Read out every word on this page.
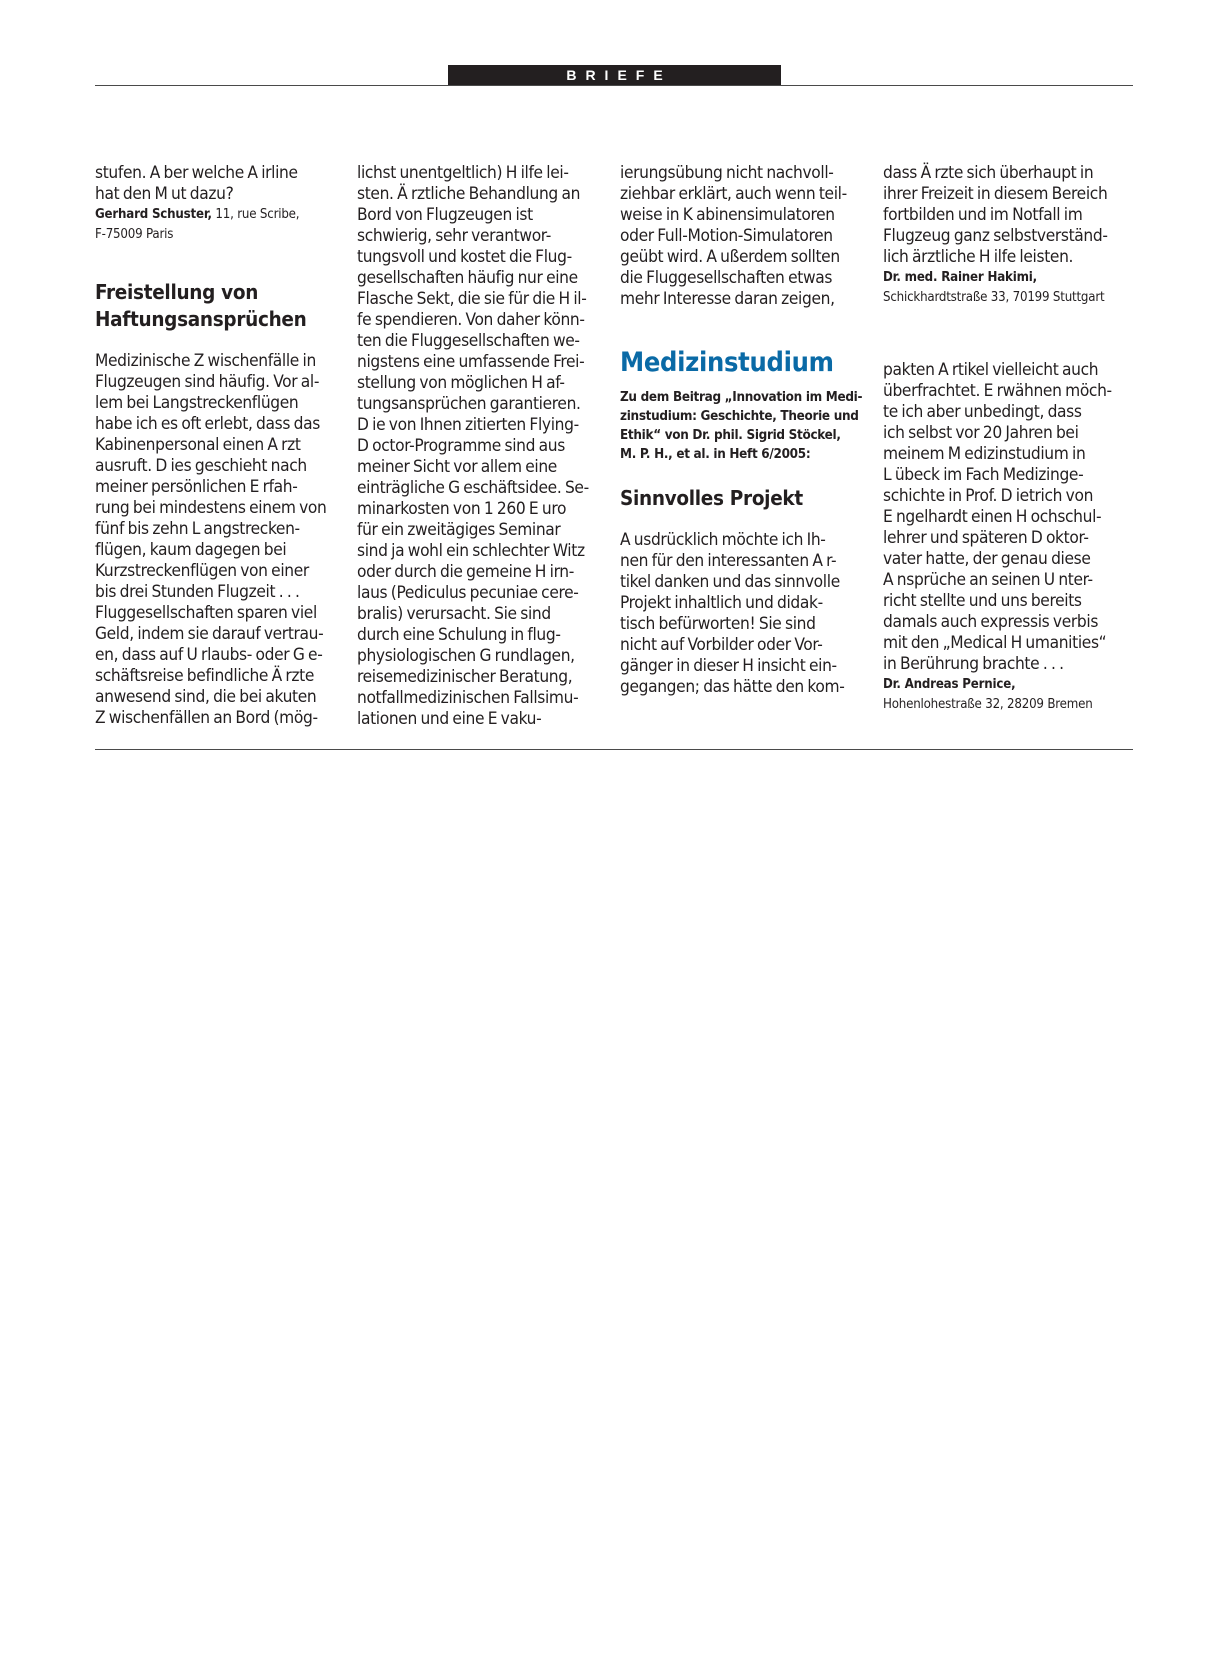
BRIEFE
stufen. A ber welche A irline
hat den M ut dazu?
Gerhard Schuster, 11, rue Scribe,
F-75009 Paris
Freistellung von
Haftungsansprüchen
Medizinische Z wischenfälle in
Flugzeugen sind häufig. Vor al-
lem bei Langstreckenflügen
habe ich es oft erlebt, dass das
Kabinenpersonal einen A rzt
ausruft. D ies geschieht nach
meiner persönlichen E rfah-
rung bei mindestens einem von
fünf bis zehn L angstrecken-
flügen, kaum dagegen bei
Kurzstreckenflügen von einer
bis drei Stunden Flugzeit . . .
Fluggesellschaften sparen viel
Geld, indem sie darauf vertrau-
en, dass auf U rlaubs- oder G e-
schäftsreise befindliche Ä rzte
anwesend sind, die bei akuten
Z wischenfällen an Bord (mög-
lichst unentgeltlich) H ilfe lei-
sten. Ä rztliche Behandlung an
Bord von Flugzeugen ist
schwierig, sehr verantwor-
tungsvoll und kostet die Flug-
gesellschaften häufig nur eine
Flasche Sekt, die sie für die H il-
fe spendieren. Von daher könn-
ten die Fluggesellschaften we-
nigstens eine umfassende Frei-
stellung von möglichen H af-
tungsansprüchen garantieren.
D ie von Ihnen zitierten Flying-
D octor-Programme sind aus
meiner Sicht vor allem eine
einträgliche G eschäftsidee. Se-
minarkosten von 1 260 E uro
für ein zweitägiges Seminar
sind ja wohl ein schlechter Witz
oder durch die gemeine H irn-
laus (Pediculus pecuniae cere-
bralis) verursacht. Sie sind
durch eine Schulung in flug-
physiologischen G rundlagen,
reisemedizinischer Beratung,
notfallmedizinischen Fallsimu-
lationen und eine E vaku-
ierungsübung nicht nachvoll-
ziehbar erklärt, auch wenn teil-
weise in K abinensimulatoren
oder Full-Motion-Simulatoren
geübt wird. A ußerdem sollten
die Fluggesellschaften etwas
mehr Interesse daran zeigen,
Medizinstudium
Zu dem Beitrag „Innovation im Medi-
zinstudium: Geschichte, Theorie und
Ethik“ von Dr. phil. Sigrid Stöckel,
M. P. H., et al. in Heft 6/2005:
Sinnvolles Projekt
A usdrücklich möchte ich Ih-
nen für den interessanten A r-
tikel danken und das sinnvolle
Projekt inhaltlich und didak-
tisch befürworten! Sie sind
nicht auf Vorbilder oder Vor-
gänger in dieser H insicht ein-
gegangen; das hätte den kom-
dass Ä rzte sich überhaupt in
ihrer Freizeit in diesem Bereich
fortbilden und im Notfall im
Flugzeug ganz selbstverständ-
lich ärztliche H ilfe leisten.
Dr. med. Rainer Hakimi,
Schickhardtstraße 33, 70199 Stuttgart
pakten A rtikel vielleicht auch
überfrachtet. E rwähnen möch-
te ich aber unbedingt, dass
ich selbst vor 20 Jahren bei
meinem M edizinstudium in
L übeck im Fach Medizinge-
schichte in Prof. D ietrich von
E ngelhardt einen H ochschul-
lehrer und späteren D oktor-
vater hatte, der genau diese
A nsprüche an seinen U nter-
richt stellte und uns bereits
damals auch expressis verbis
mit den „Medical H umanities“
in Berührung brachte . . .
Dr. Andreas Pernice,
Hohenlohestraße 32, 28209 Bremen
